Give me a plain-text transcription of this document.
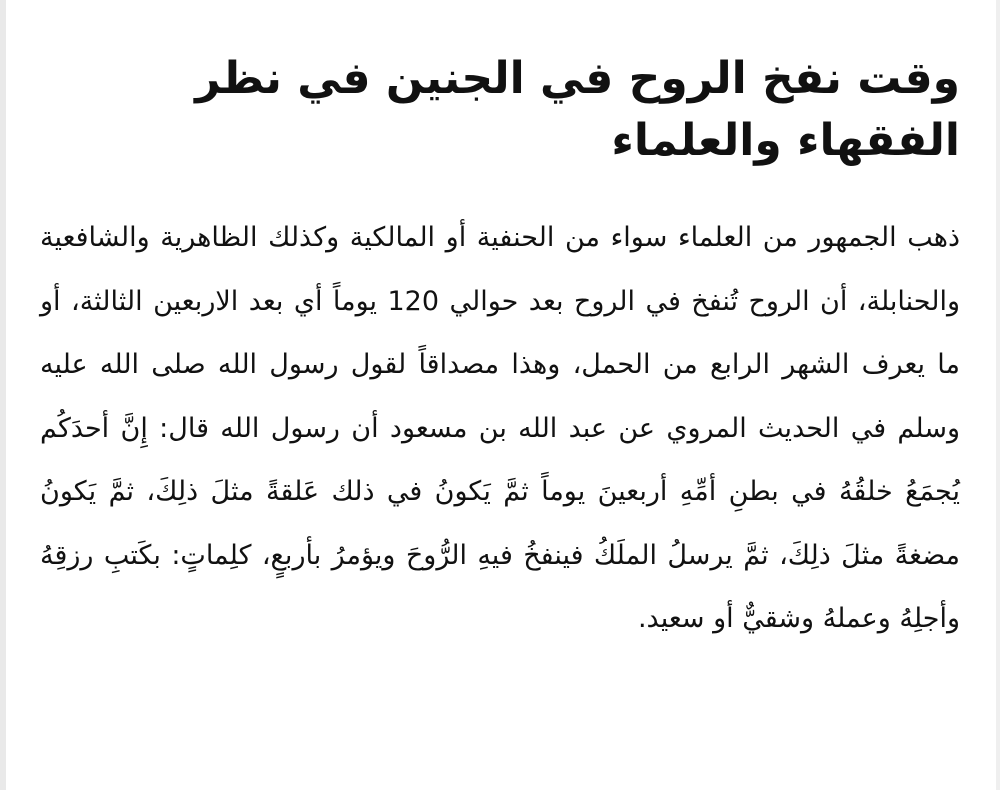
وقت نفخ الروح في الجنين في نظر الفقهاء والعلماء

ذهب الجمهور من العلماء سواء من الحنفية أو المالكية وكذلك الظاهرية والشافعية والحنابلة، أن الروح تُنفخ في الروح بعد حوالي 120 يوماً أي بعد الاربعين الثالثة، أو ما يعرف الشهر الرابع من الحمل، وهذا مصداقاً لقول رسول الله صلى الله عليه وسلم في الحديث المروي عن عبد الله بن مسعود أن رسول الله قال: إِنَّ أحدَكُم يُجمَعُ خلقُهُ في بطنِ أمِّهِ أربعينَ يوماً ثمَّ يَكونُ في ذلك عَلقةً مثلَ ذلِكَ، ثمَّ يَكونُ مضغةً مثلَ ذلِكَ، ثمَّ يرسلُ الملَكُ فينفخُ فيهِ الرُّوحَ ويؤمرُ بأربعٍ، كلِماتٍ: بكَتبِ رزقِهُ وأجلِهُ وعملهُ وشقيٌّ أو سعيد.
